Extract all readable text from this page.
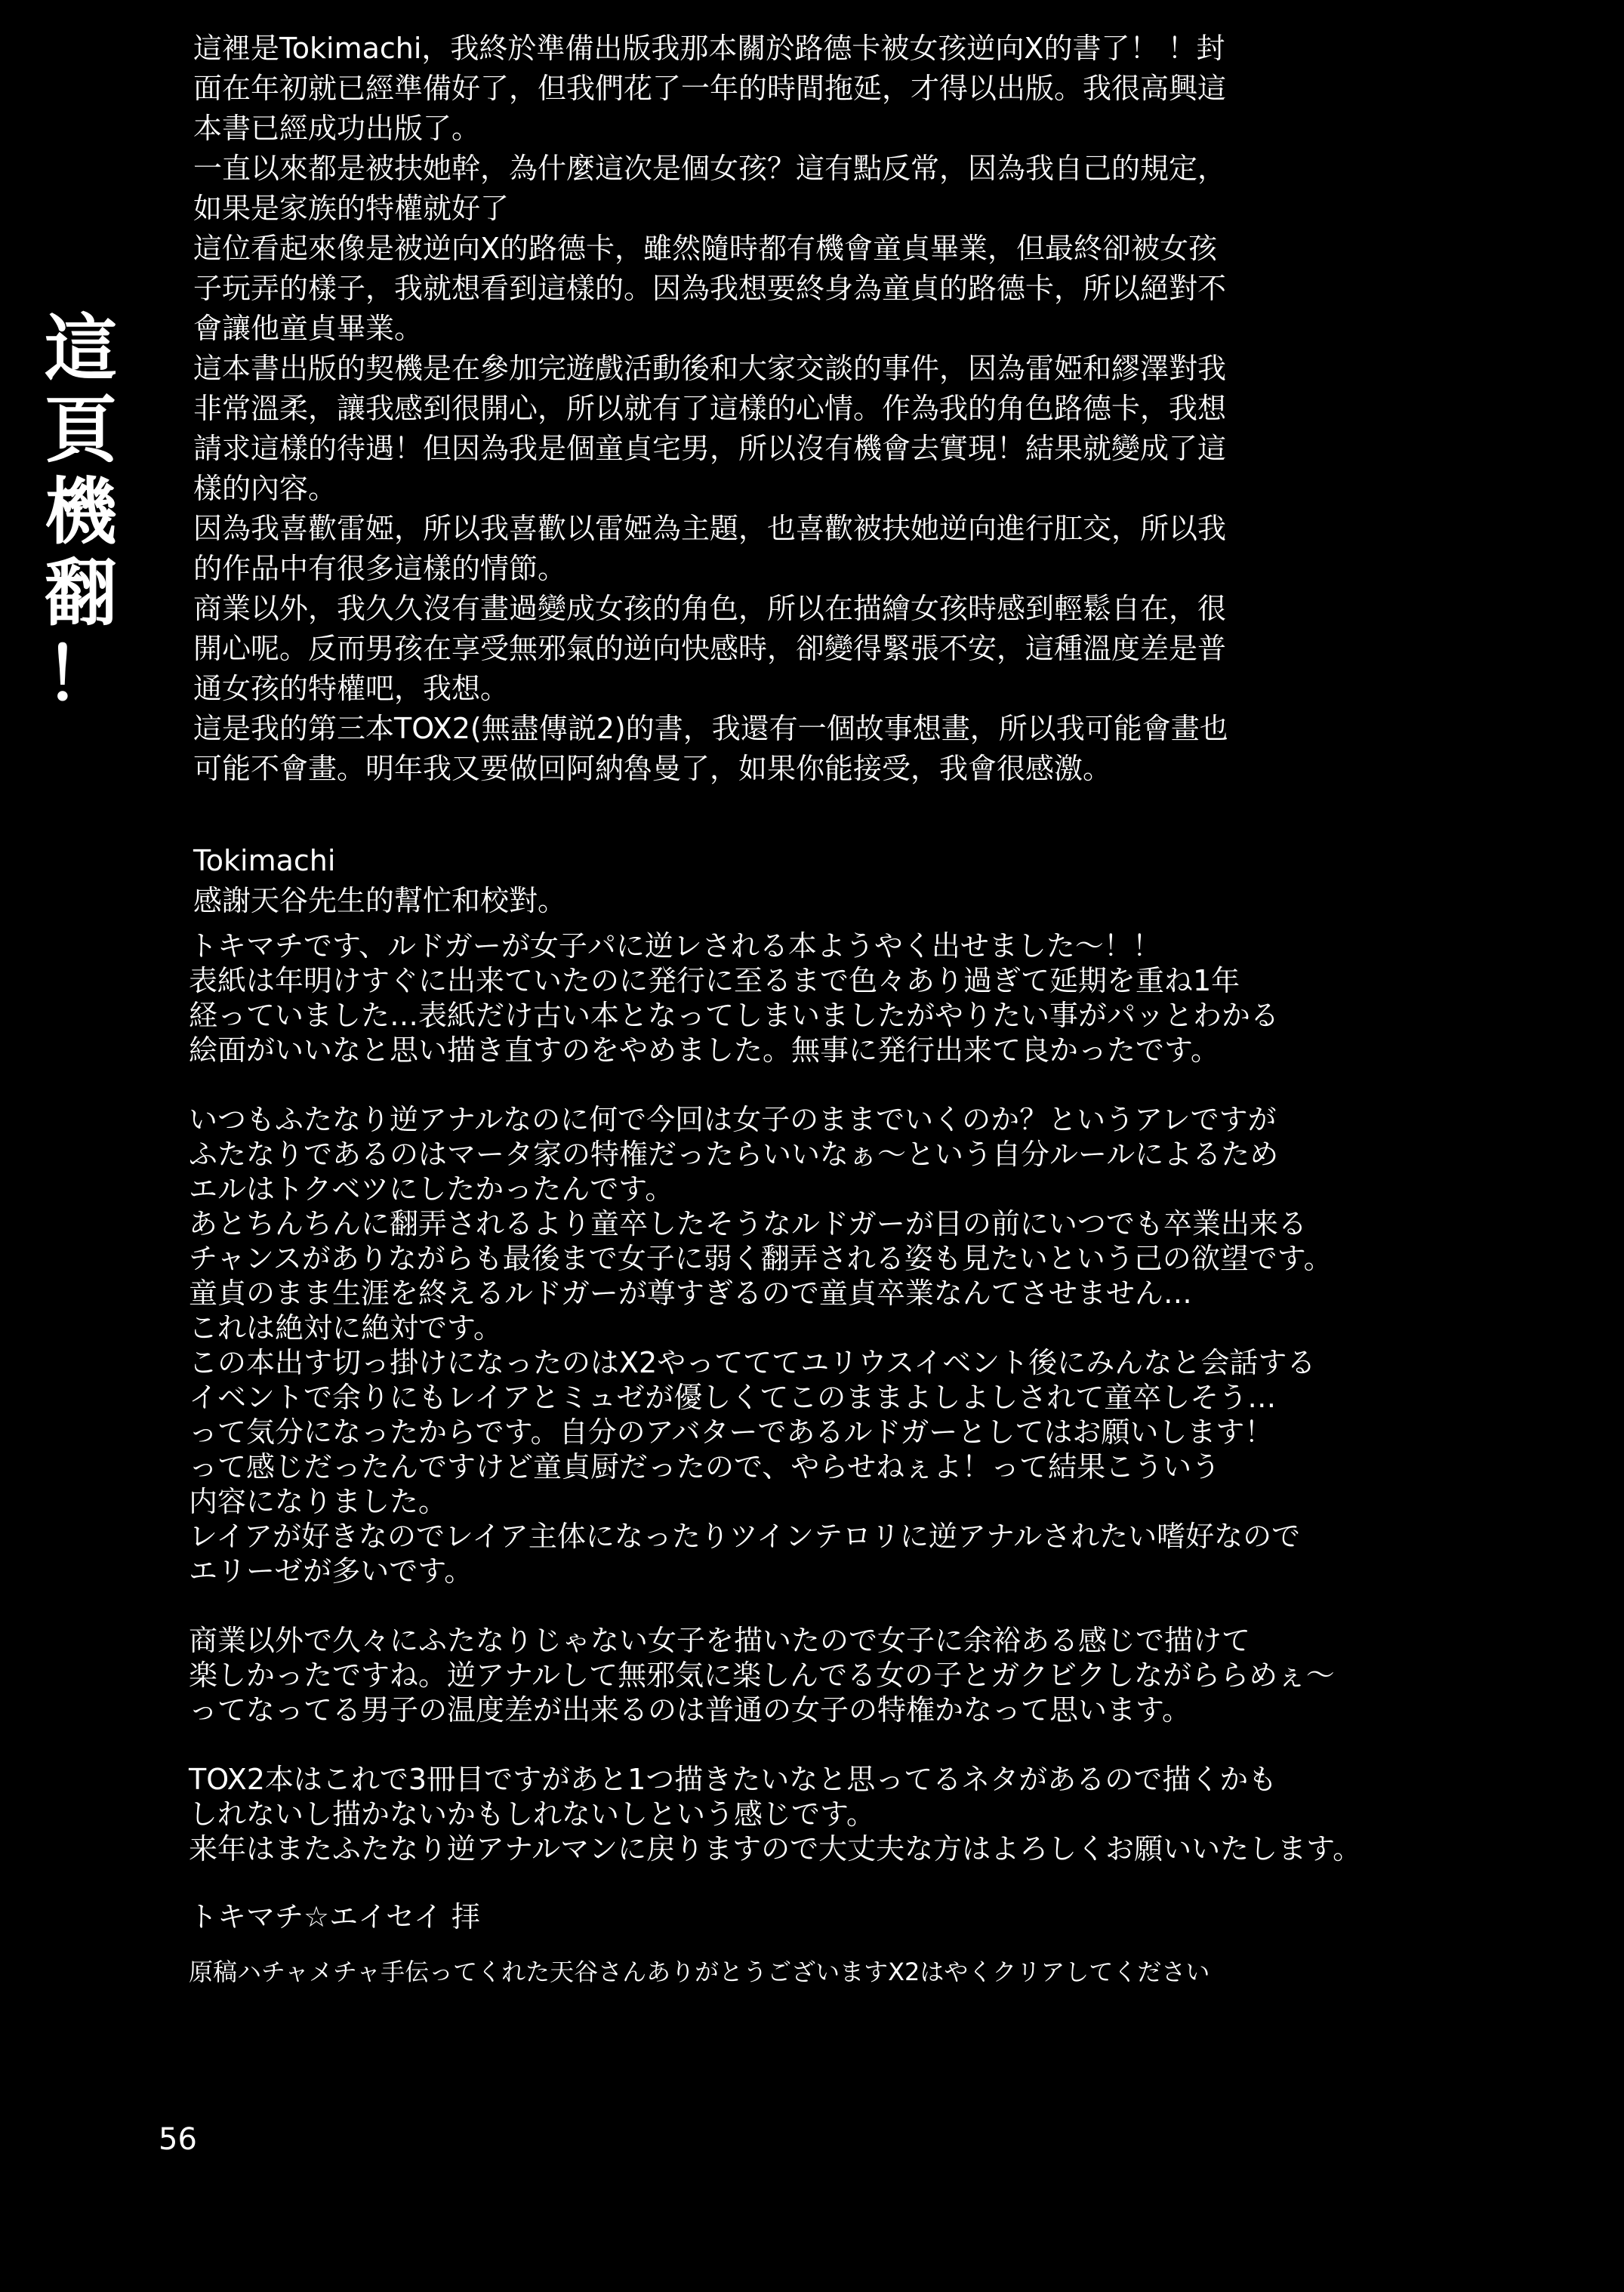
這
頁
機
翻
！
這裡是Tokimachi，我終於準備出版我那本關於路德卡被女孩逆向X的書了！ ！封
面在年初就已經準備好了，但我們花了一年的時間拖延，才得以出版。我很高興這
本書已經成功出版了。
一直以來都是被扶她幹，為什麼這次是個女孩？這有點反常，因為我自己的規定，
如果是家族的特權就好了
這位看起來像是被逆向X的路德卡，雖然隨時都有機會童貞畢業，但最終卻被女孩
子玩弄的樣子，我就想看到這樣的。因為我想要終身為童貞的路德卡，所以絕對不
會讓他童貞畢業。
這本書出版的契機是在參加完遊戲活動後和大家交談的事件，因為雷婭和繆澤對我
非常溫柔，讓我感到很開心，所以就有了這樣的心情。作為我的角色路德卡，我想
請求這樣的待遇！但因為我是個童貞宅男，所以沒有機會去實現！結果就變成了這
樣的內容。
因為我喜歡雷婭，所以我喜歡以雷婭為主題，也喜歡被扶她逆向進行肛交，所以我
的作品中有很多這樣的情節。
商業以外，我久久沒有畫過變成女孩的角色，所以在描繪女孩時感到輕鬆自在，很
開心呢。反而男孩在享受無邪氣的逆向快感時，卻變得緊張不安，這種溫度差是普
通女孩的特權吧，我想。
這是我的第三本TOX2(無盡傳説2)的書，我還有一個故事想畫，所以我可能會畫也
可能不會畫。明年我又要做回阿納魯曼了，如果你能接受，我會很感激。
Tokimachi
感謝天谷先生的幫忙和校對。
トキマチです、ルドガーが女子パに逆レされる本ようやく出せました～！！
表紙は年明けすぐに出来ていたのに発行に至るまで色々あり過ぎて延期を重ね1年
経っていました…表紙だけ古い本となってしまいましたがやりたい事がパッとわかる
絵面がいいなと思い描き直すのをやめました。無事に発行出来て良かったです。
いつもふたなり逆アナルなのに何で今回は女子のままでいくのか？というアレですが
ふたなりであるのはマータ家の特権だったらいいなぁ～という自分ルールによるため
エルはトクベツにしたかったんです。
あとちんちんに翻弄されるより童卒したそうなルドガーが目の前にいつでも卒業出来る
チャンスがありながらも最後まで女子に弱く翻弄される姿も見たいという己の欲望です。
童貞のまま生涯を終えるルドガーが尊すぎるので童貞卒業なんてさせません…
これは絶対に絶対です。
この本出す切っ掛けになったのはX2やってててユリウスイベント後にみんなと会話する
イベントで余りにもレイアとミュゼが優しくてこのままよしよしされて童卒しそう…
って気分になったからです。自分のアバターであるルドガーとしてはお願いします！
って感じだったんですけど童貞厨だったので、やらせねぇよ！って結果こういう
内容になりました。
レイアが好きなのでレイア主体になったりツインテロリに逆アナルされたい嗜好なので
エリーゼが多いです。
商業以外で久々にふたなりじゃない女子を描いたので女子に余裕ある感じで描けて
楽しかったですね。逆アナルして無邪気に楽しんでる女の子とガクビクしながららめぇ～
ってなってる男子の温度差が出来るのは普通の女子の特権かなって思います。
TOX2本はこれで3冊目ですがあと1つ描きたいなと思ってるネタがあるので描くかも
しれないし描かないかもしれないしという感じです。
来年はまたふたなり逆アナルマンに戻りますので大丈夫な方はよろしくお願いいたします。
トキマチ☆エイセイ 拝
原稿ハチャメチャ手伝ってくれた天谷さんありがとうございますX2はやくクリアしてください
56
